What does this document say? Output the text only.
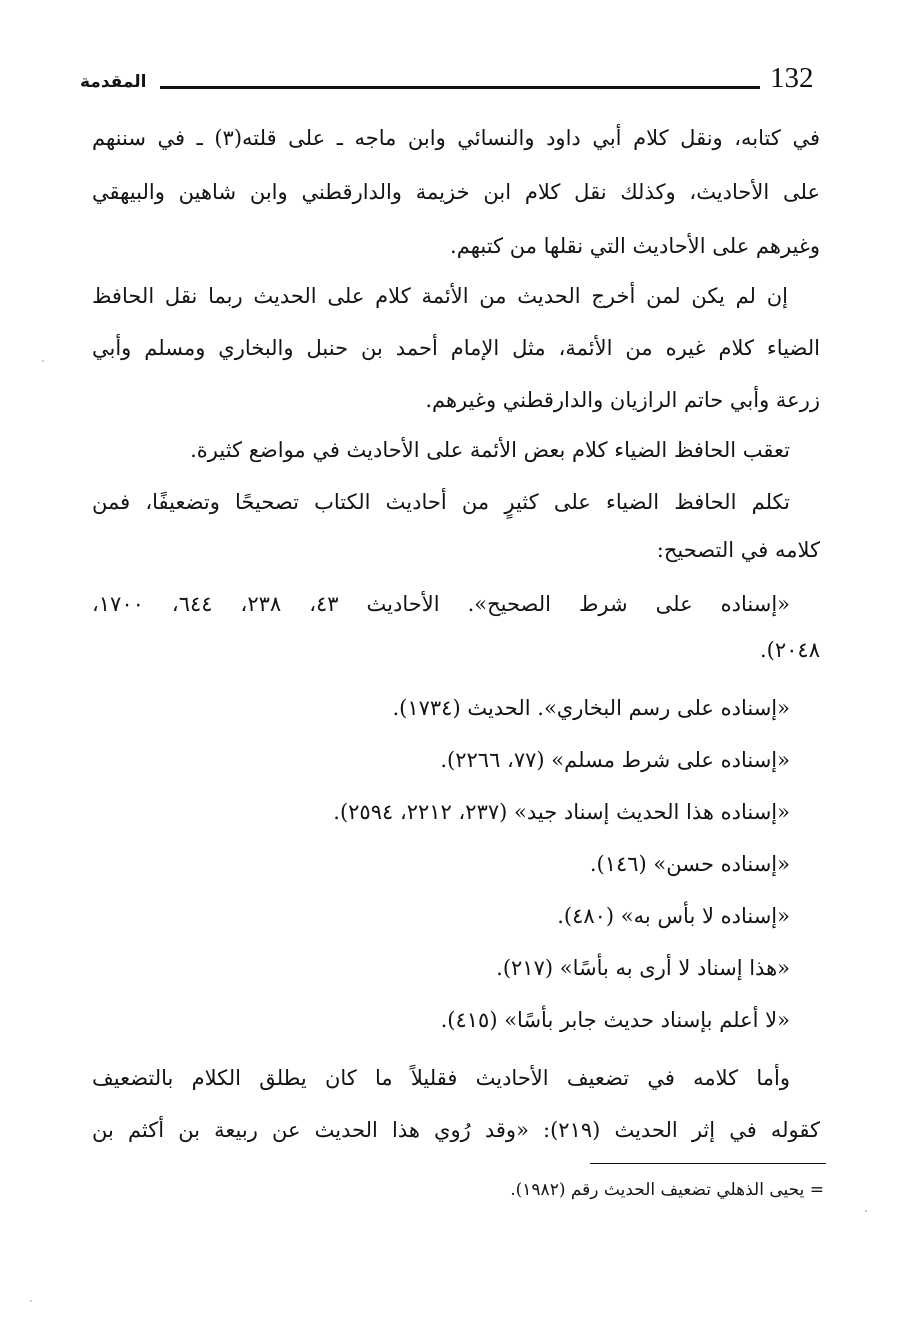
132
المقدمة
في كتابه، ونقل كلام أبي داود والنسائي وابن ماجه ـ على قلته(٣) ـ في سننهم
على الأحاديث، وكذلك نقل كلام ابن خزيمة والدارقطني وابن شاهين والبيهقي
وغيرهم على الأحاديث التي نقلها من كتبهم.
إن لم يكن لمن أخرج الحديث من الأئمة كلام على الحديث ربما نقل الحافظ
الضياء كلام غيره من الأئمة، مثل الإمام أحمد بن حنبل والبخاري ومسلم وأبي
زرعة وأبي حاتم الرازيان والدارقطني وغيرهم.
تعقب الحافظ الضياء كلام بعض الأئمة على الأحاديث في مواضع كثيرة.
تكلم الحافظ الضياء على كثيرٍ من أحاديث الكتاب تصحيحًا وتضعيفًا، فمن
كلامه في التصحيح:
«إسناده على شرط الصحيح». الأحاديث ٤٣، ٢٣٨، ٦٤٤، ١٧٠٠،
٢٠٤٨).
«إسناده على رسم البخاري». الحديث (١٧٣٤).
«إسناده على شرط مسلم» (٧٧، ٢٢٦٦).
«إسناده هذا الحديث إسناد جيد» (٢٣٧، ٢٢١٢، ٢٥٩٤).
«إسناده حسن» (١٤٦).
«إسناده لا بأس به» (٤٨٠).
«هذا إسناد لا أرى به بأسًا» (٢١٧).
«لا أعلم بإسناد حديث جابر بأسًا» (٤١٥).
وأما كلامه في تضعيف الأحاديث فقليلاً ما كان يطلق الكلام بالتضعيف
كقوله في إثر الحديث (٢١٩): «وقد رُوي هذا الحديث عن ربيعة بن أكثم بن
= يحيى الذهلي تضعيف الحديث رقم (١٩٨٢).
